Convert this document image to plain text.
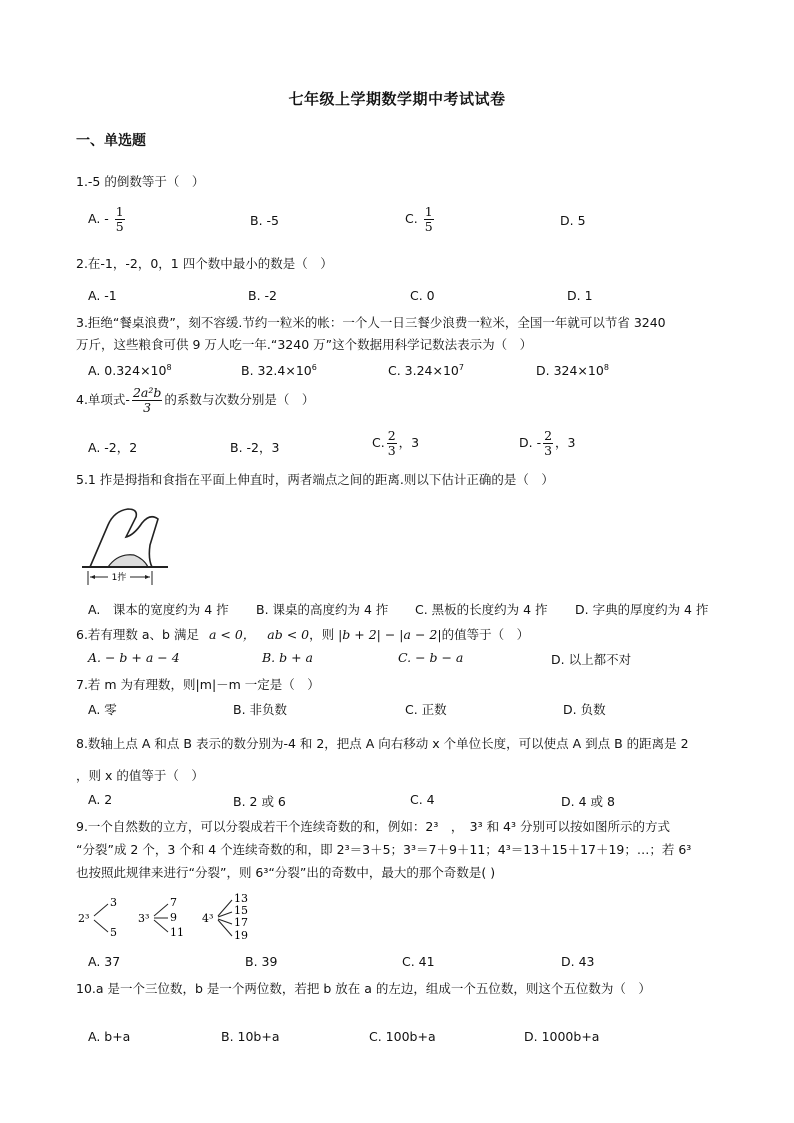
七年级上学期数学期中考试试卷
一、单选题
1.-5 的倒数等于（　）
A. - $\frac{1}{5}$	B. -5	C. $\frac{1}{5}$	D. 5
2.在-1，-2，0，1 四个数中最小的数是（　）
A. -1	B. -2	C. 0	D. 1
3.拒绝“餐桌浪费”，刻不容缓.节约一粒米的帐：一个人一日三餐少浪费一粒米，全国一年就可以节省 3240
万斤，这些粮食可供 9 万人吃一年.“3240 万”这个数据用科学记数法表示为（　）
A. $0.324\times 10^8$	B. $32.4\times 10^6$	C. $3.24\times 10^7$	D. $324\times 10^8$
4.单项式- $\frac{\text{2a²b}}{3}$ 的系数与次数分别是（　）
A. -2，2	B. -2，3	C. $\frac{2}{3}$ ，3	D. - $\frac{2}{3}$ ，3
5.1 拃是拇指和食指在平面上伸直时，两者端点之间的距离.则以下估计正确的是（　）
1拃
A.　课本的宽度约为 4 拃 B. 课桌的高度约为 4 拃 C. 黑板的长度约为 4 拃 D. 字典的厚度约为 4 拃
6.若有理数 a、b 满足 a < 0， ab < 0，则 |b + 2| − |a − 2|的值等于（　）
A. − b + a − 4	B. b + a	C. − b − a	D. 以上都不对
7.若 m 为有理数，则|m|－m 一定是（　）
A. 零	B. 非负数	C. 正数	D. 负数
8.数轴上点 A 和点 B 表示的数分别为-4 和 2，把点 A 向右移动 x 个单位长度，可以使点 A 到点 B 的距离是 2
，则 x 的值等于（　）
A. 2	B. 2 或 6	C. 4	D. 4 或 8
9.一个自然数的立方，可以分裂成若干个连续奇数的和，例如：2³　，　3³ 和 4³ 分别可以按如图所示的方式
“分裂”成 2 个，3 个和 4 个连续奇数的和，即 2³＝3＋5；3³＝7＋9＋11；4³＝13＋15＋17＋19；…；若 6³
也按照此规律来进行“分裂”，则 6³“分裂”出的奇数中，最大的那个奇数是( )
2³
3
5
3³
7
9
11
4³
13
15
17
19
A. 37	B. 39	C. 41	D. 43
10.a 是一个三位数，b 是一个两位数，若把 b 放在 a 的左边，组成一个五位数，则这个五位数为（　）
A. b+a	B. 10b+a	C. 100b+a	D. 1000b+a
